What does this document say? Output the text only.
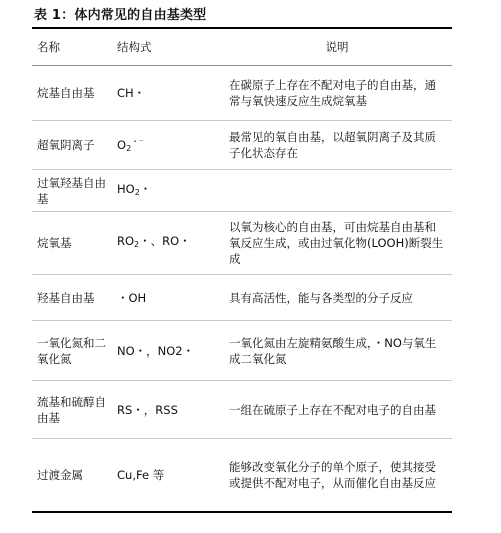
表 1：体内常见的自由基类型
名称	结构式	说明
烷基自由基	CH・	在碳原子上存在不配对电子的自由基，通常与氧快速反应生成烷氧基
超氧阴离子	$O_2^{・^-}$	最常见的氧自由基，以超氧阴离子及其质子化状态存在
过氧羟基自由基	$HO_2$・	
烷氧基	$RO_2$・、RO・	以氧为核心的自由基，可由烷基自由基和氧反应生成，或由过氧化物(LOOH)断裂生成
羟基自由基	・OH	具有高活性，能与各类型的分子反应
一氧化氮和二氧化氮	NO・，NO2・	一氧化氮由左旋精氨酸生成，・NO与氧生成二氧化氮
巯基和硫醇自由基	RS・，RSS	一组在硫原子上存在不配对电子的自由基
过渡金属	Cu,Fe 等	能够改变氧化分子的单个原子，使其接受或提供不配对电子，从而催化自由基反应
